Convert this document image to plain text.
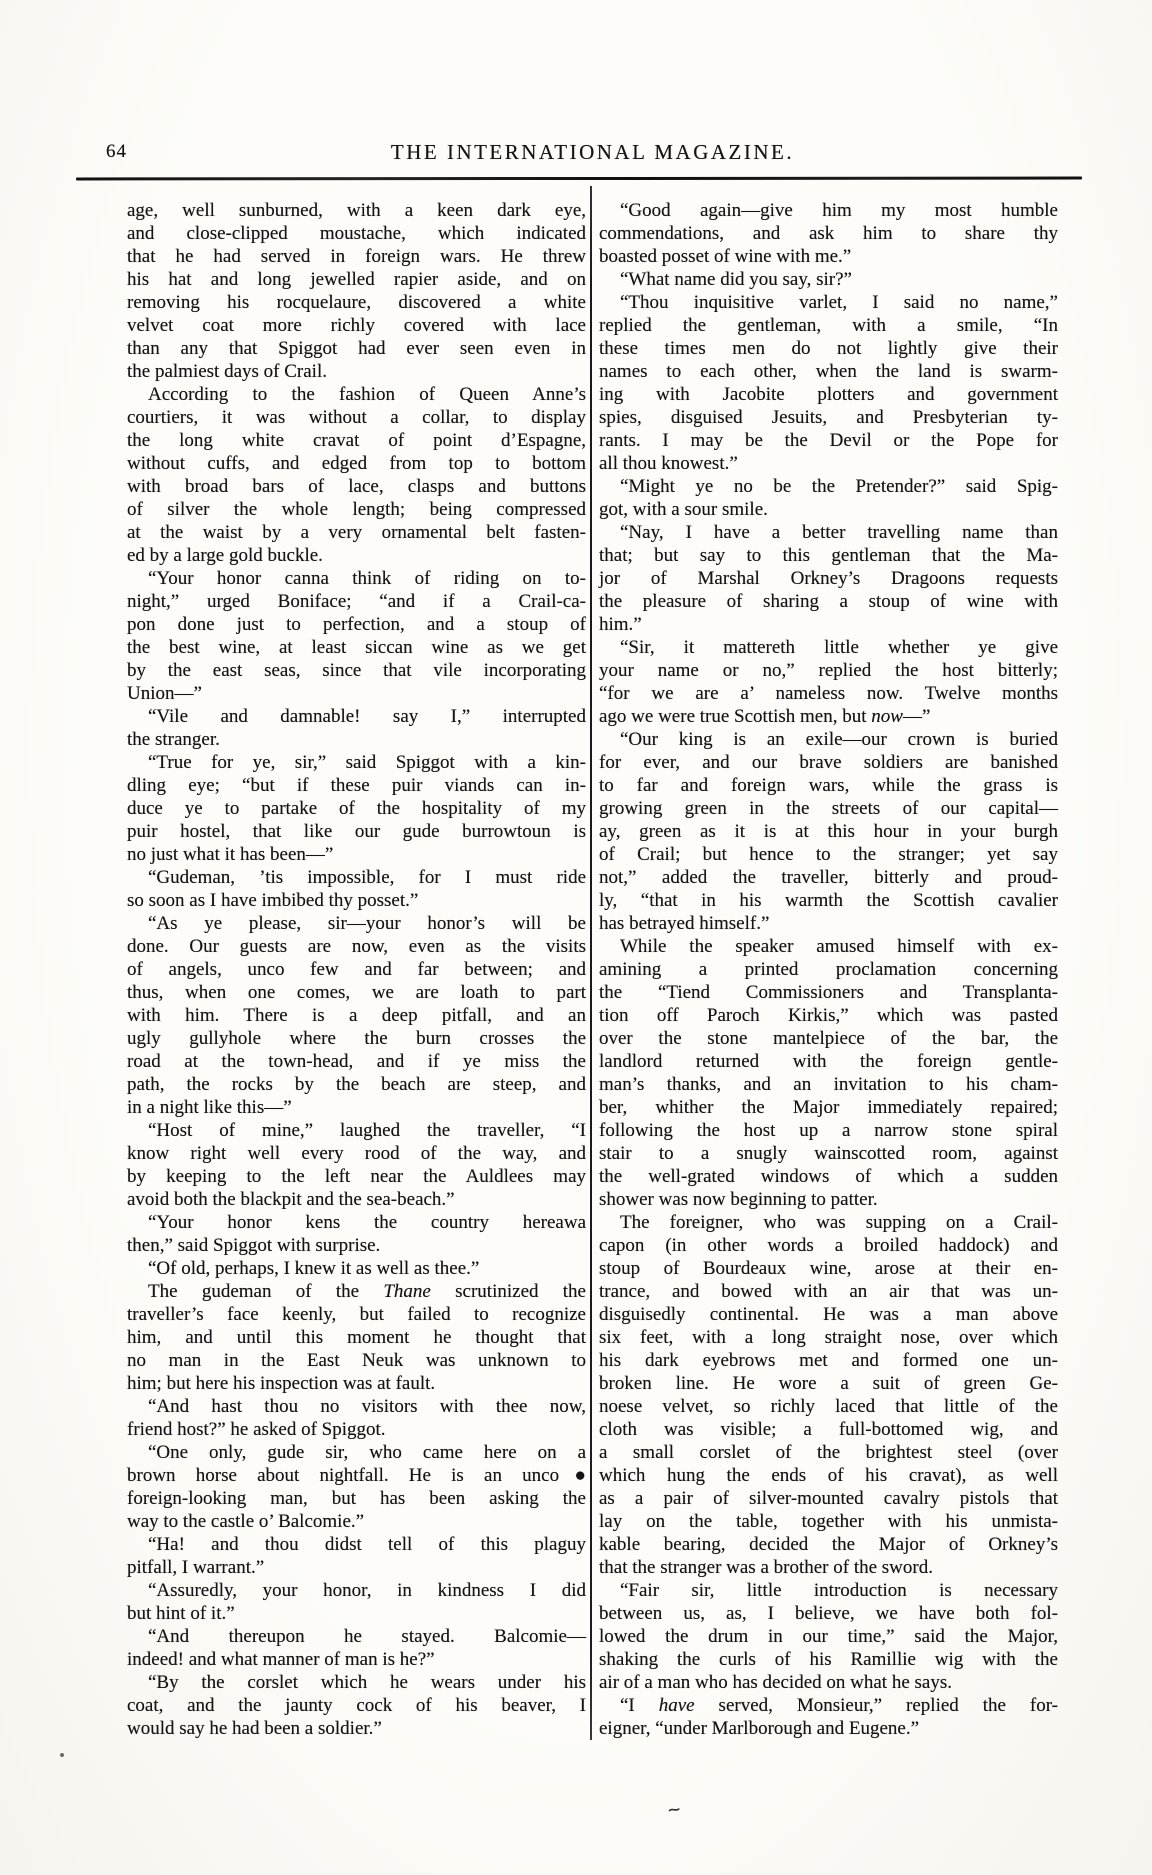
64	THE INTERNATIONAL MAGAZINE.
age, well sunburned, with a keen dark eye,
and close-clipped moustache, which indicated
that he had served in foreign wars. He threw
his hat and long jewelled rapier aside, and on
removing his rocquelaure, discovered a white
velvet coat more richly covered with lace
than any that Spiggot had ever seen even in
the palmiest days of Crail.
According to the fashion of Queen Anne’s
courtiers, it was without a collar, to display
the long white cravat of point d’Espagne,
without cuffs, and edged from top to bottom
with broad bars of lace, clasps and buttons
of silver the whole length; being compressed
at the waist by a very ornamental belt fasten-
ed by a large gold buckle.
“Your honor canna think of riding on to-
night,” urged Boniface; “and if a Crail-ca-
pon done just to perfection, and a stoup of
the best wine, at least siccan wine as we get
by the east seas, since that vile incorporating
Union—”
“Vile and damnable! say I,” interrupted
the stranger.
“True for ye, sir,” said Spiggot with a kin-
dling eye; “but if these puir viands can in-
duce ye to partake of the hospitality of my
puir hostel, that like our gude burrowtoun is
no just what it has been—”
“Gudeman, ’tis impossible, for I must ride
so soon as I have imbibed thy posset.”
“As ye please, sir—your honor’s will be
done. Our guests are now, even as the visits
of angels, unco few and far between; and
thus, when one comes, we are loath to part
with him. There is a deep pitfall, and an
ugly gullyhole where the burn crosses the
road at the town-head, and if ye miss the
path, the rocks by the beach are steep, and
in a night like this—”
“Host of mine,” laughed the traveller, “I
know right well every rood of the way, and
by keeping to the left near the Auldlees may
avoid both the blackpit and the sea-beach.”
“Your honor kens the country hereawa
then,” said Spiggot with surprise.
“Of old, perhaps, I knew it as well as thee.”
The gudeman of the Thane scrutinized the
traveller’s face keenly, but failed to recognize
him, and until this moment he thought that
no man in the East Neuk was unknown to
him; but here his inspection was at fault.
“And hast thou no visitors with thee now,
friend host?” he asked of Spiggot.
“One only, gude sir, who came here on a
brown horse about nightfall. He is an unco●
foreign-looking man, but has been asking the
way to the castle o’ Balcomie.”
“Ha! and thou didst tell of this plaguy
pitfall, I warrant.”
“Assuredly, your honor, in kindness I did
but hint of it.”
“And thereupon he stayed. Balcomie—
indeed! and what manner of man is he?”
“By the corslet which he wears under his
coat, and the jaunty cock of his beaver, I
would say he had been a soldier.”
“Good again—give him my most humble
commendations, and ask him to share thy
boasted posset of wine with me.”
“What name did you say, sir?”
“Thou inquisitive varlet, I said no name,”
replied the gentleman, with a smile, “In
these times men do not lightly give their
names to each other, when the land is swarm-
ing with Jacobite plotters and government
spies, disguised Jesuits, and Presbyterian ty-
rants. I may be the Devil or the Pope for
all thou knowest.”
“Might ye no be the Pretender?” said Spig-
got, with a sour smile.
“Nay, I have a better travelling name than
that; but say to this gentleman that the Ma-
jor of Marshal Orkney’s Dragoons requests
the pleasure of sharing a stoup of wine with
him.”
“Sir, it mattereth little whether ye give
your name or no,” replied the host bitterly;
“for we are a’ nameless now. Twelve months
ago we were true Scottish men, but now—”
“Our king is an exile—our crown is buried
for ever, and our brave soldiers are banished
to far and foreign wars, while the grass is
growing green in the streets of our capital—
ay, green as it is at this hour in your burgh
of Crail; but hence to the stranger; yet say
not,” added the traveller, bitterly and proud-
ly, “that in his warmth the Scottish cavalier
has betrayed himself.”
While the speaker amused himself with ex-
amining a printed proclamation concerning
the “Tiend Commissioners and Transplanta-
tion off Paroch Kirkis,” which was pasted
over the stone mantelpiece of the bar, the
landlord returned with the foreign gentle-
man’s thanks, and an invitation to his cham-
ber, whither the Major immediately repaired;
following the host up a narrow stone spiral
stair to a snugly wainscotted room, against
the well-grated windows of which a sudden
shower was now beginning to patter.
The foreigner, who was supping on a Crail-
capon (in other words a broiled haddock) and
stoup of Bourdeaux wine, arose at their en-
trance, and bowed with an air that was un-
disguisedly continental. He was a man above
six feet, with a long straight nose, over which
his dark eyebrows met and formed one un-
broken line. He wore a suit of green Ge-
noese velvet, so richly laced that little of the
cloth was visible; a full-bottomed wig, and
a small corslet of the brightest steel (over
which hung the ends of his cravat), as well
as a pair of silver-mounted cavalry pistols that
lay on the table, together with his unmista-
kable bearing, decided the Major of Orkney’s
that the stranger was a brother of the sword.
“Fair sir, little introduction is necessary
between us, as, I believe, we have both fol-
lowed the drum in our time,” said the Major,
shaking the curls of his Ramillie wig with the
air of a man who has decided on what he says.
“I have served, Monsieur,” replied the for-
eigner, “under Marlborough and Eugene.”
~
